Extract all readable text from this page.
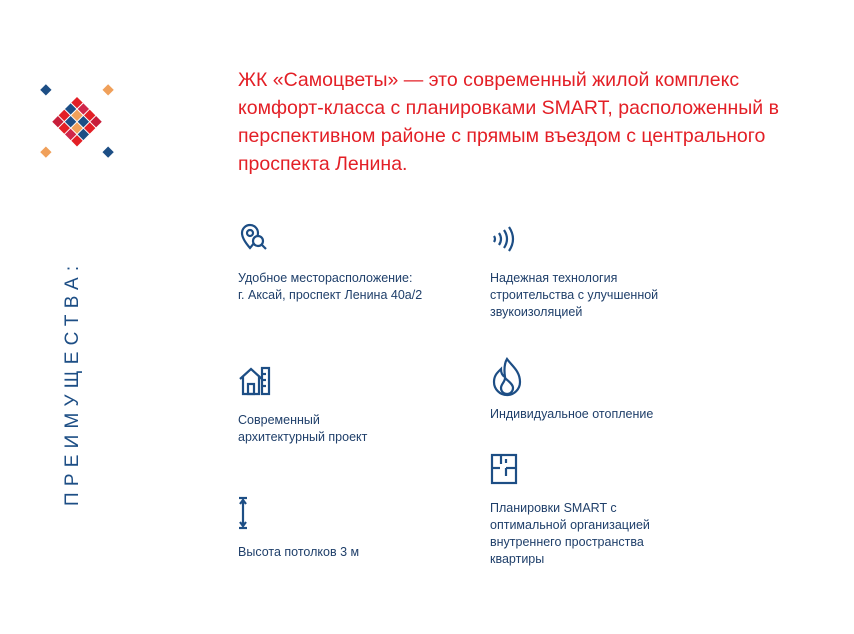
ПРЕИМУЩЕСТВА:

ЖК «Самоцветы» — это современный жилой комплекс комфорт-класса с планировками SMART, расположенный в перспективном районе с прямым въездом с центрального проспекта Ленина.

Удобное месторасположение:
г. Аксай, проспект Ленина 40а/2
Надежная технология
строительства с улучшенной
звукоизоляцией
Современный
архитектурный проект
Индивидуальное отопление
Высота потолков 3 м
Планировки SMART с
оптимальной организацией
внутреннего пространства
квартиры
